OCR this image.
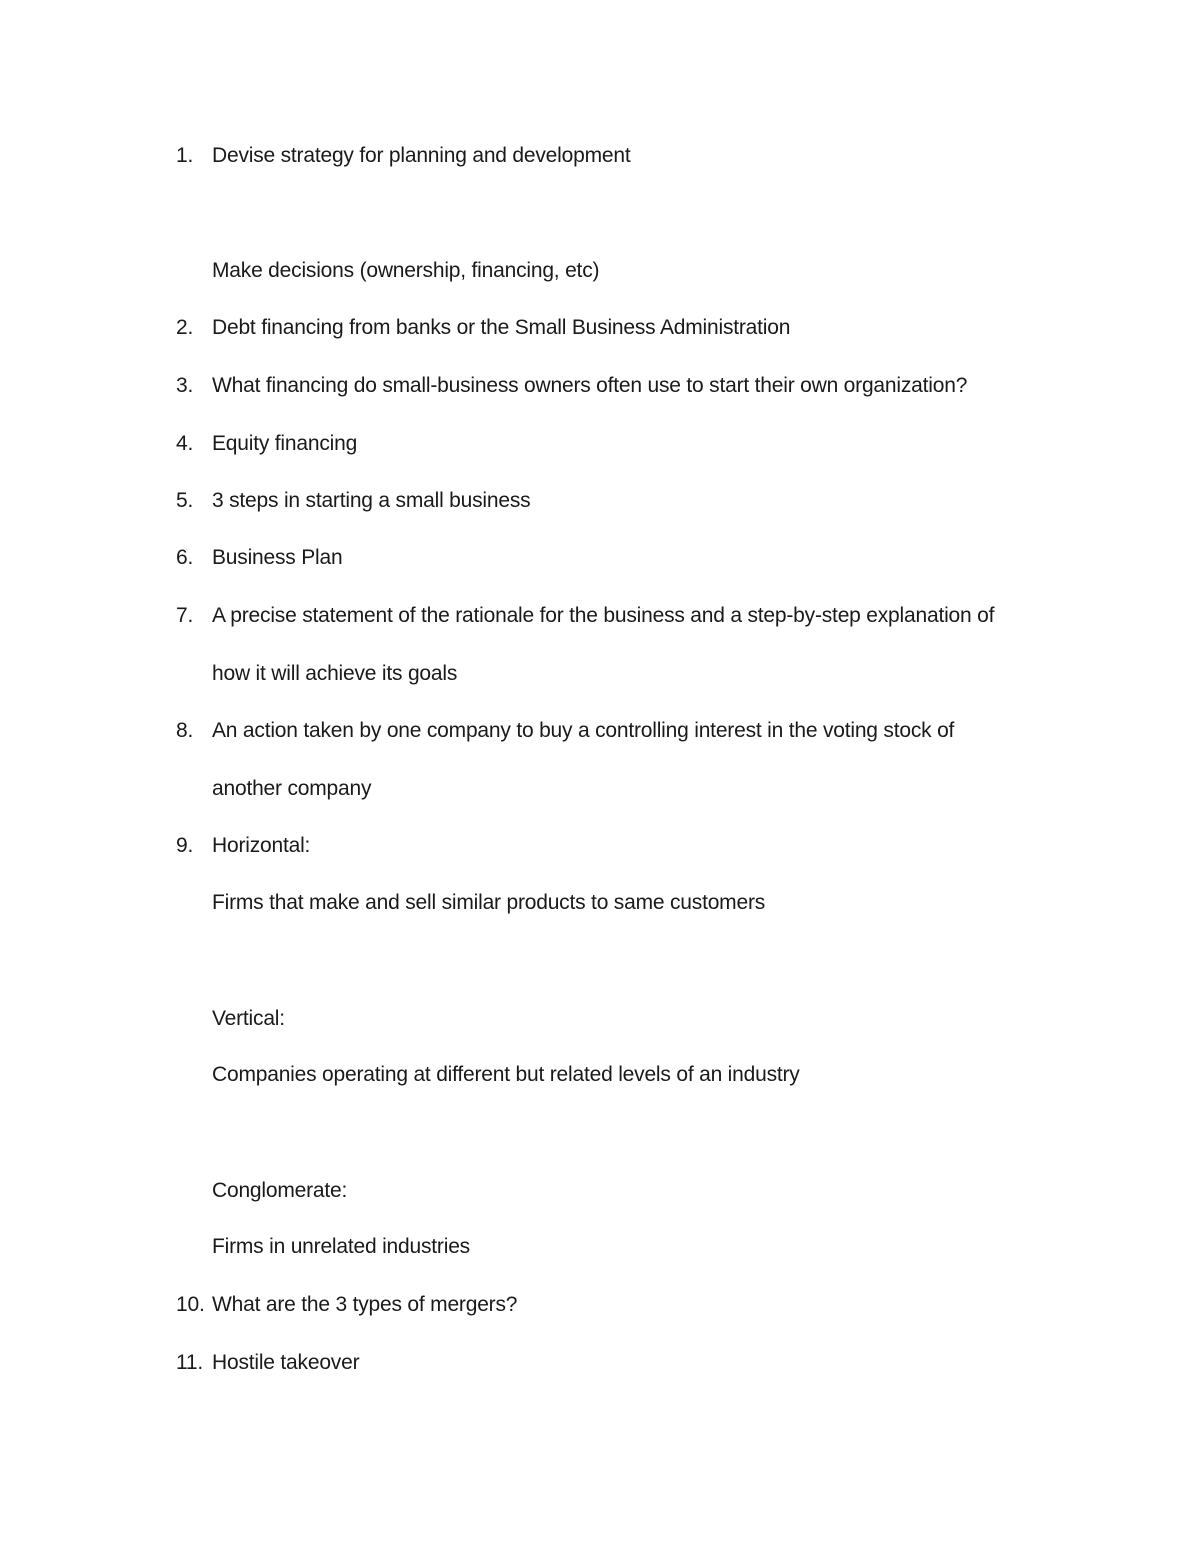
1. Devise strategy for planning and development
Make decisions (ownership, financing, etc)
2. Debt financing from banks or the Small Business Administration
3. What financing do small-business owners often use to start their own organization?
4. Equity financing
5. 3 steps in starting a small business
6. Business Plan
7. A precise statement of the rationale for the business and a step-by-step explanation of
how it will achieve its goals
8. An action taken by one company to buy a controlling interest in the voting stock of
another company
9. Horizontal:
Firms that make and sell similar products to same customers
Vertical:
Companies operating at different but related levels of an industry
Conglomerate:
Firms in unrelated industries
10. What are the 3 types of mergers?
11. Hostile takeover
